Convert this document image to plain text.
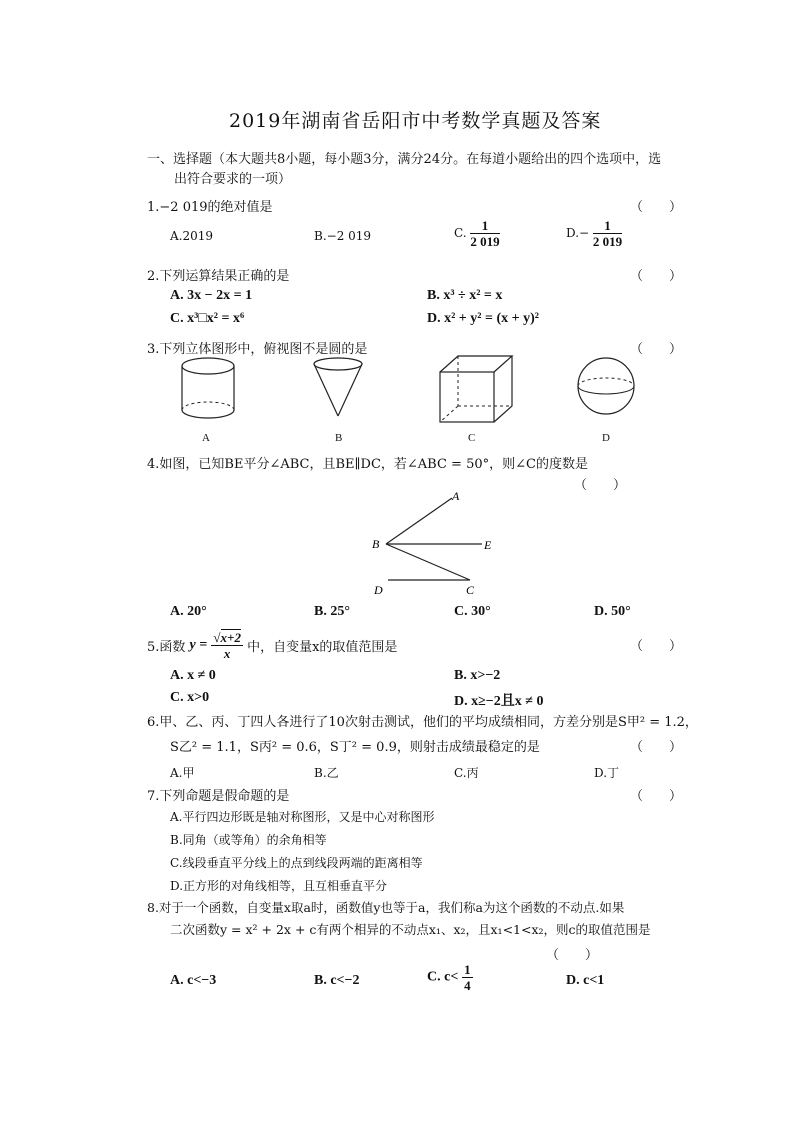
2019年湖南省岳阳市中考数学真题及答案
一、选择题（本大题共8小题，每小题3分，满分24分。在每道小题给出的四个选项中，选
出符合要求的一项）
1.−2 019的绝对值是	（　　）
A.2019	B.−2 019	C. $\frac{1}{2 019}$	$D.- \frac{1}{2 019}$
2.下列运算结果正确的是	（　　）
A. 3x − 2x = 1	B. x³ ÷ x² = x
C. x³□x² = x⁶	D. x² + y² = (x + y)²
3.下列立体图形中，俯视图不是圆的是	（　　）
A	B	C	D
4.如图，已知BE平分∠ABC，且BE∥DC，若∠ABC = 50°，则∠C的度数是
（　　）
A
B	E
D	C
A. 20°	B. 25°	C. 30°	D. 50°
5.函数 $y = \frac{√x+2}{x}$ 中，自变量x的取值范围是	（　　）
A. x ≠ 0	B. x>−2
C. x>0	D. x≥−2且x ≠ 0
6.甲、乙、丙、丁四人各进行了10次射击测试，他们的平均成绩相同，方差分别是S甲² = 1.2，
S乙² = 1.1，S丙² = 0.6，S丁² = 0.9，则射击成绩最稳定的是	（　　）
A.甲	B.乙	C.丙	D.丁
7.下列命题是假命题的是	（　　）
A.平行四边形既是轴对称图形，又是中心对称图形
B.同角（或等角）的余角相等
C.线段垂直平分线上的点到线段两端的距离相等
D.正方形的对角线相等，且互相垂直平分
8.对于一个函数，自变量x取a时，函数值y也等于a，我们称a为这个函数的不动点.如果
二次函数y = x² + 2x + c有两个相异的不动点x₁、x₂，且x₁<1<x₂，则c的取值范围是
（　　）
A. c<−3	B. c<−2	C. $c< \frac{1}{4}$	D. c<1
